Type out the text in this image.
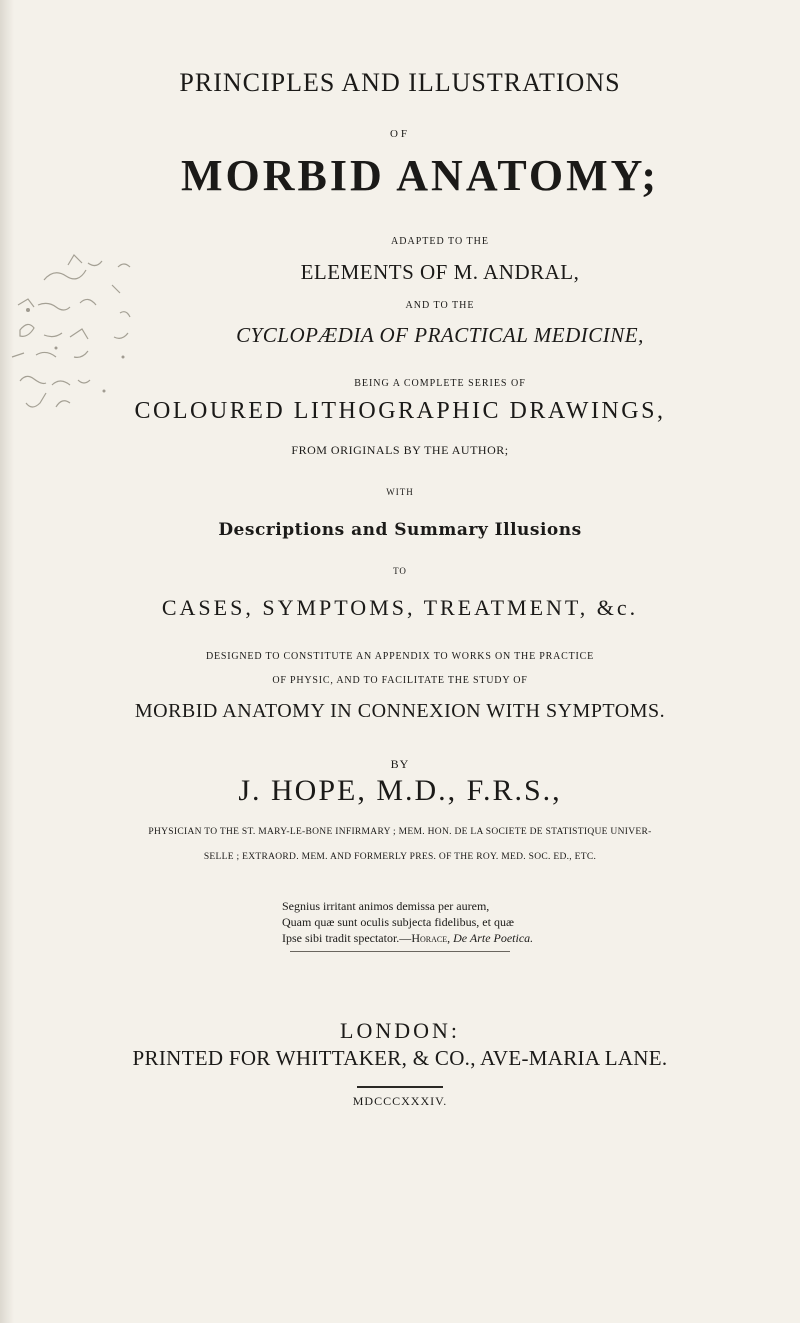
PRINCIPLES AND ILLUSTRATIONS
OF
MORBID ANATOMY;
ADAPTED TO THE
ELEMENTS OF M. ANDRAL,
AND TO THE
CYCLOPÆDIA OF PRACTICAL MEDICINE,
BEING A COMPLETE SERIES OF
COLOURED LITHOGRAPHIC DRAWINGS,
FROM ORIGINALS BY THE AUTHOR;
WITH
Descriptions and Summary Illusions
TO
CASES, SYMPTOMS, TREATMENT, &c.
DESIGNED TO CONSTITUTE AN APPENDIX TO WORKS ON THE PRACTICE
OF PHYSIC, AND TO FACILITATE THE STUDY OF
MORBID ANATOMY IN CONNEXION WITH SYMPTOMS.
BY
J. HOPE, M.D., F.R.S.,
PHYSICIAN TO THE ST. MARY-LE-BONE INFIRMARY ; MEM. HON. DE LA SOCIETE DE STATISTIQUE UNIVER-
SELLE ; EXTRAORD. MEM. AND FORMERLY PRES. OF THE ROY. MED. SOC. ED., ETC.
Segnius irritant animos demissa per aurem,
Quam quæ sunt oculis subjecta fidelibus, et quæ
Ipse sibi tradit spectator.—Horace, De Arte Poetica.
LONDON:
PRINTED FOR WHITTAKER, & CO., AVE-MARIA LANE.
MDCCCXXXIV.
